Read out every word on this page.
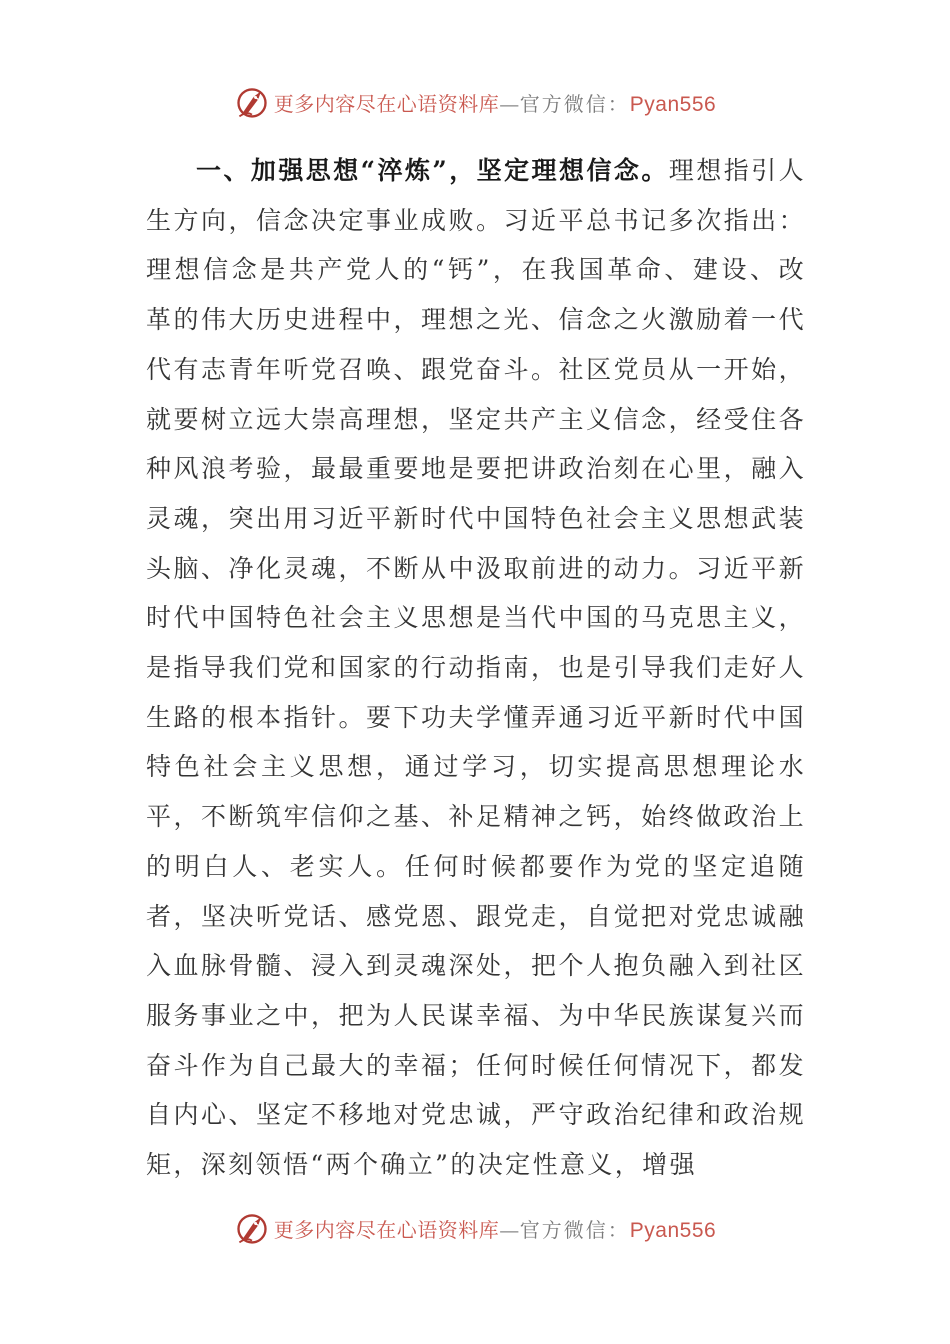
更多内容尽在心语资料库—官方微信：Pyan556
一、加强思想“淬炼”，坚定理想信念。理想指引人生方向，信念决定事业成败。习近平总书记多次指出：理想信念是共产党人的“钙”，在我国革命、建设、改革的伟大历史进程中，理想之光、信念之火激励着一代代有志青年听党召唤、跟党奋斗。社区党员从一开始，就要树立远大崇高理想，坚定共产主义信念，经受住各种风浪考验，最最重要地是要把讲政治刻在心里，融入灵魂，突出用习近平新时代中国特色社会主义思想武装头脑、净化灵魂，不断从中汲取前进的动力。习近平新时代中国特色社会主义思想是当代中国的马克思主义，是指导我们党和国家的行动指南，也是引导我们走好人生路的根本指针。要下功夫学懂弄通习近平新时代中国特色社会主义思想，通过学习，切实提高思想理论水平，不断筑牢信仰之基、补足精神之钙，始终做政治上的明白人、老实人。任何时候都要作为党的坚定追随者，坚决听党话、感党恩、跟党走，自觉把对党忠诚融入血脉骨髓、浸入到灵魂深处，把个人抱负融入到社区服务事业之中，把为人民谋幸福、为中华民族谋复兴而奋斗作为自己最大的幸福；任何时候任何情况下，都发自内心、坚定不移地对党忠诚，严守政治纪律和政治规矩，深刻领悟“两个确立”的决定性意义，增强
更多内容尽在心语资料库—官方微信：Pyan556
